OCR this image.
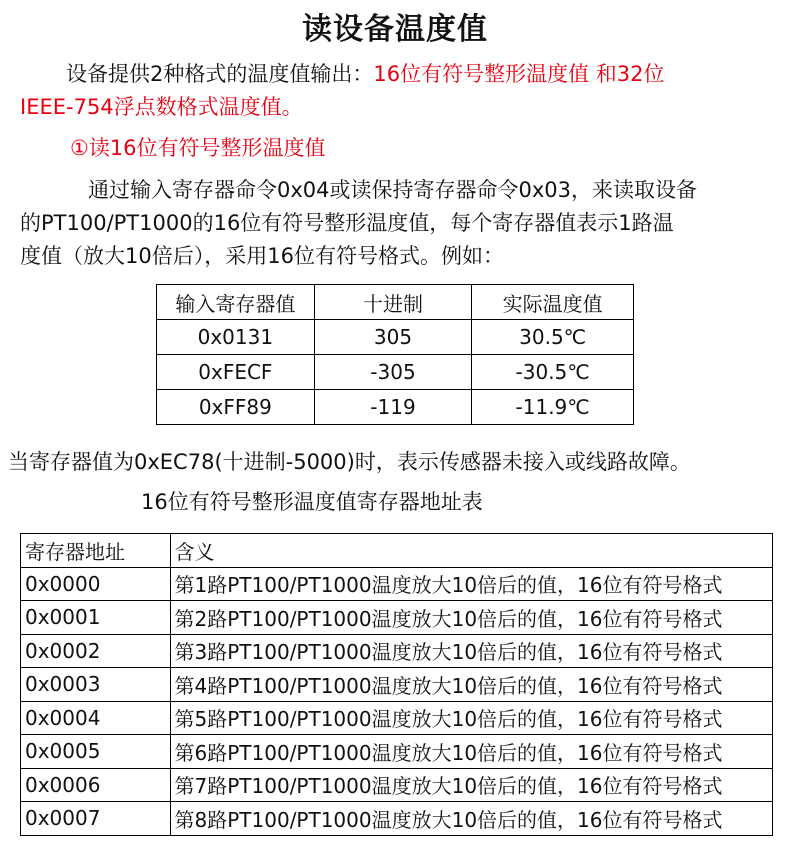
读设备温度值
设备提供2种格式的温度值输出：16位有符号整形温度值 和32位
IEEE-754浮点数格式温度值。
①读16位有符号整形温度值
通过输入寄存器命令0x04或读保持寄存器命令0x03，来读取设备
的PT100/PT1000的16位有符号整形温度值，每个寄存器值表示1路温
度值（放大10倍后），采用16位有符号格式。例如：
输入寄存器值	十进制	实际温度值
0x0131	305	30.5℃
0xFECF	-305	-30.5℃
0xFF89	-119	-11.9℃
当寄存器值为0xEC78(十进制-5000)时，表示传感器未接入或线路故障。
16位有符号整形温度值寄存器地址表
寄存器地址	含义
0x0000	第1路PT100/PT1000温度放大10倍后的值，16位有符号格式
0x0001	第2路PT100/PT1000温度放大10倍后的值，16位有符号格式
0x0002	第3路PT100/PT1000温度放大10倍后的值，16位有符号格式
0x0003	第4路PT100/PT1000温度放大10倍后的值，16位有符号格式
0x0004	第5路PT100/PT1000温度放大10倍后的值，16位有符号格式
0x0005	第6路PT100/PT1000温度放大10倍后的值，16位有符号格式
0x0006	第7路PT100/PT1000温度放大10倍后的值，16位有符号格式
0x0007	第8路PT100/PT1000温度放大10倍后的值，16位有符号格式
